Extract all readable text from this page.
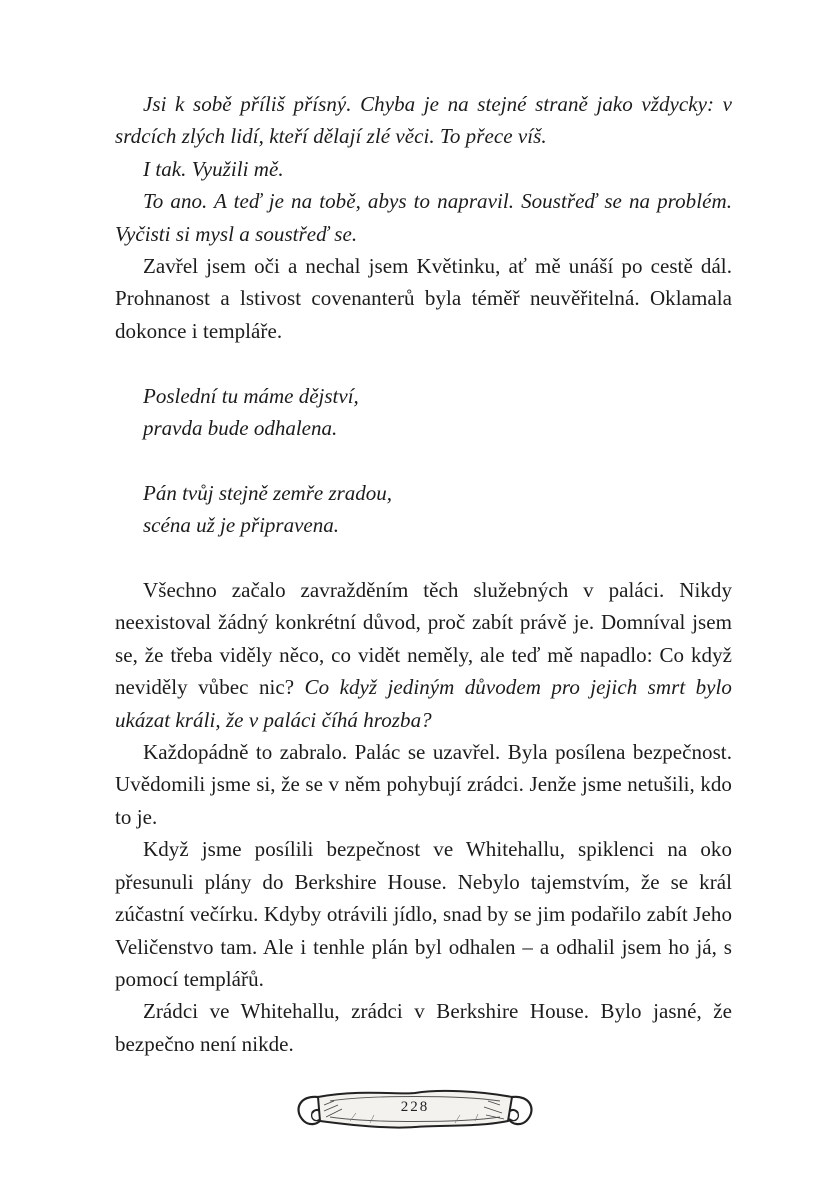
Jsi k sobě příliš přísný. Chyba je na stejné straně jako vždycky: v srdcích zlých lidí, kteří dělají zlé věci. To přece víš.

I tak. Využili mě.

To ano. A teď je na tobě, abys to napravil. Soustřeď se na problém. Vyčisti si mysl a soustřeď se.

Zavřel jsem oči a nechal jsem Květinku, ať mě unáší po cestě dál. Prohnanost a lstivost covenanterů byla téměř neuvěřitelná. Oklamala dokonce i templáře.

Poslední tu máme dějství,
pravda bude odhalena.
Pán tvůj stejně zemře zradou,
scéna už je připravena.

Všechno začalo zavražděním těch služebných v paláci. Nikdy neexistoval žádný konkrétní důvod, proč zabít právě je. Domníval jsem se, že třeba viděly něco, co vidět neměly, ale teď mě napadlo: Co když neviděly vůbec nic? Co když jediným důvodem pro jejich smrt bylo ukázat králi, že v paláci číhá hrozba?

Každopádně to zabralo. Palác se uzavřel. Byla posílena bezpečnost. Uvědomili jsme si, že se v něm pohybují zrádci. Jenže jsme netušili, kdo to je.

Když jsme posílili bezpečnost ve Whitehallu, spiklenci na oko přesunuli plány do Berkshire House. Nebylo tajemstvím, že se král zúčastní večírku. Kdyby otrávili jídlo, snad by se jim podařilo zabít Jeho Veličenstvo tam. Ale i tenhle plán byl odhalen – a odhalil jsem ho já, s pomocí templářů.

Zrádci ve Whitehallu, zrádci v Berkshire House. Bylo jasné, že bezpečno není nikde.

228
